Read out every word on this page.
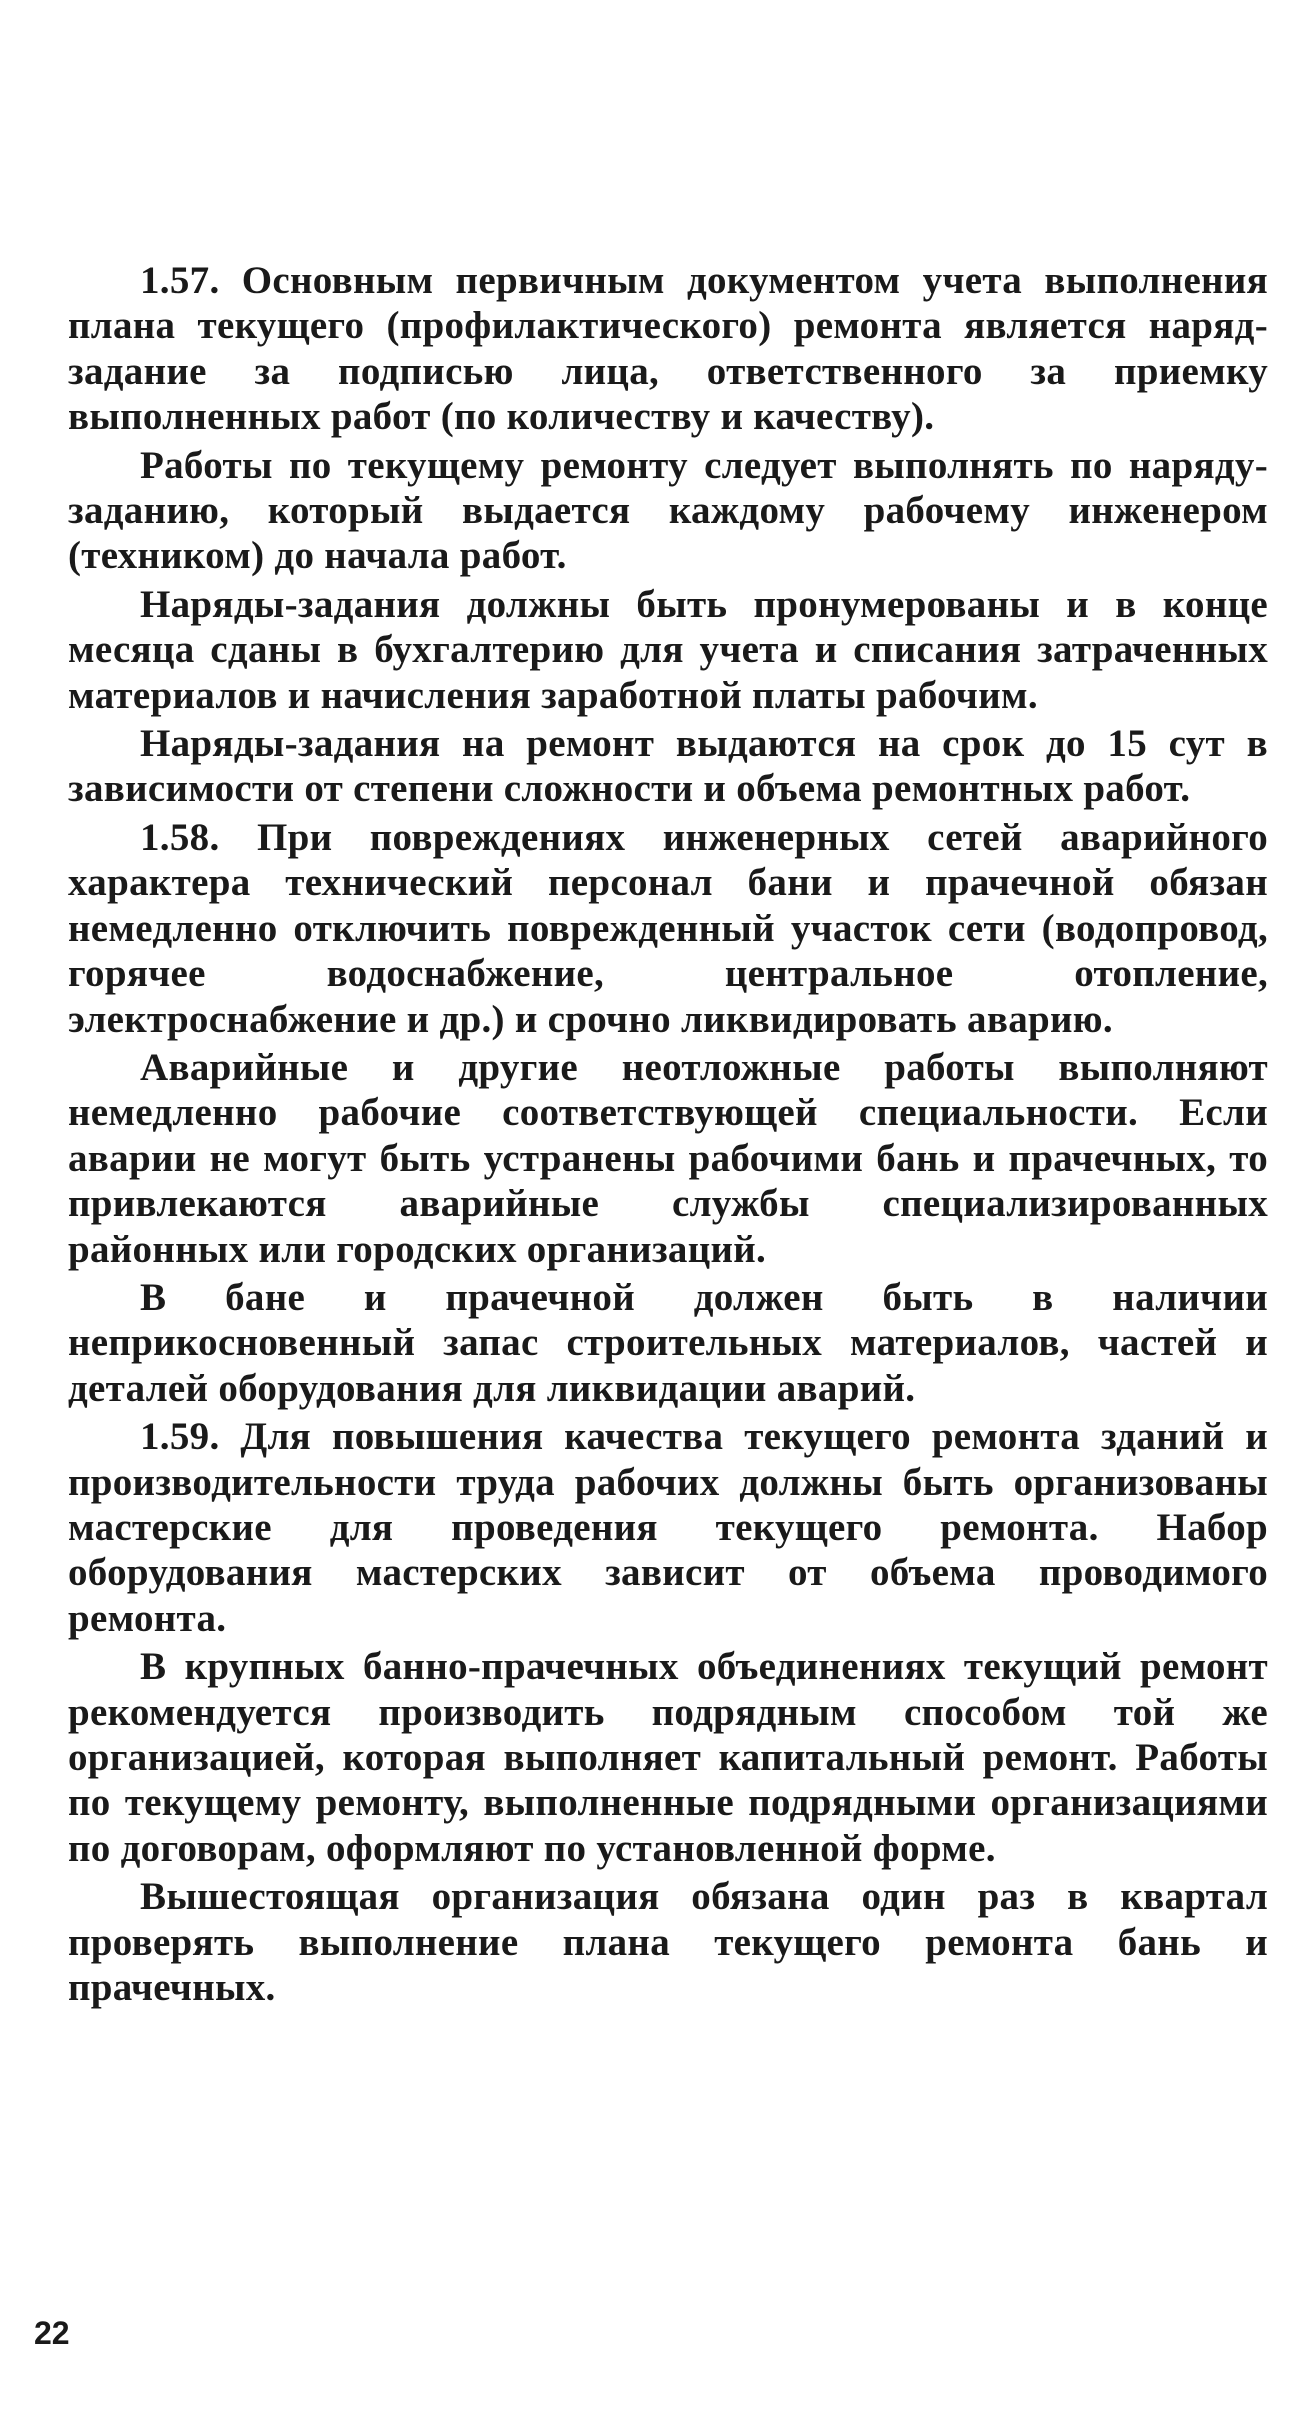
1.57. Основным первичным документом учета выполнения плана текущего (профилактического) ремонта является наряд-задание за подписью лица, ответственного за приемку выполненных работ (по количеству и качеству).

Работы по текущему ремонту следует выполнять по наряду-заданию, который выдается каждому рабочему инженером (техником) до начала работ.

Наряды-задания должны быть пронумерованы и в конце месяца сданы в бухгалтерию для учета и списания затраченных материалов и начисления заработной платы рабочим.

Наряды-задания на ремонт выдаются на срок до 15 сут в зависимости от степени сложности и объема ремонтных работ.

1.58. При повреждениях инженерных сетей аварийного характера технический персонал бани и прачечной обязан немедленно отключить поврежденный участок сети (водопровод, горячее водоснабжение, центральное отопление, электроснабжение и др.) и срочно ликвидировать аварию.

Аварийные и другие неотложные работы выполняют немедленно рабочие соответствующей специальности. Если аварии не могут быть устранены рабочими бань и прачечных, то привлекаются аварийные службы специализированных районных или городских организаций.

В бане и прачечной должен быть в наличии неприкосновенный запас строительных материалов, частей и деталей оборудования для ликвидации аварий.

1.59. Для повышения качества текущего ремонта зданий и производительности труда рабочих должны быть организованы мастерские для проведения текущего ремонта. Набор оборудования мастерских зависит от объема проводимого ремонта.

В крупных банно-прачечных объединениях текущий ремонт рекомендуется производить подрядным способом той же организацией, которая выполняет капитальный ремонт. Работы по текущему ремонту, выполненные подрядными организациями по договорам, оформляют по установленной форме.

Вышестоящая организация обязана один раз в квартал проверять выполнение плана текущего ремонта бань и прачечных.

22
